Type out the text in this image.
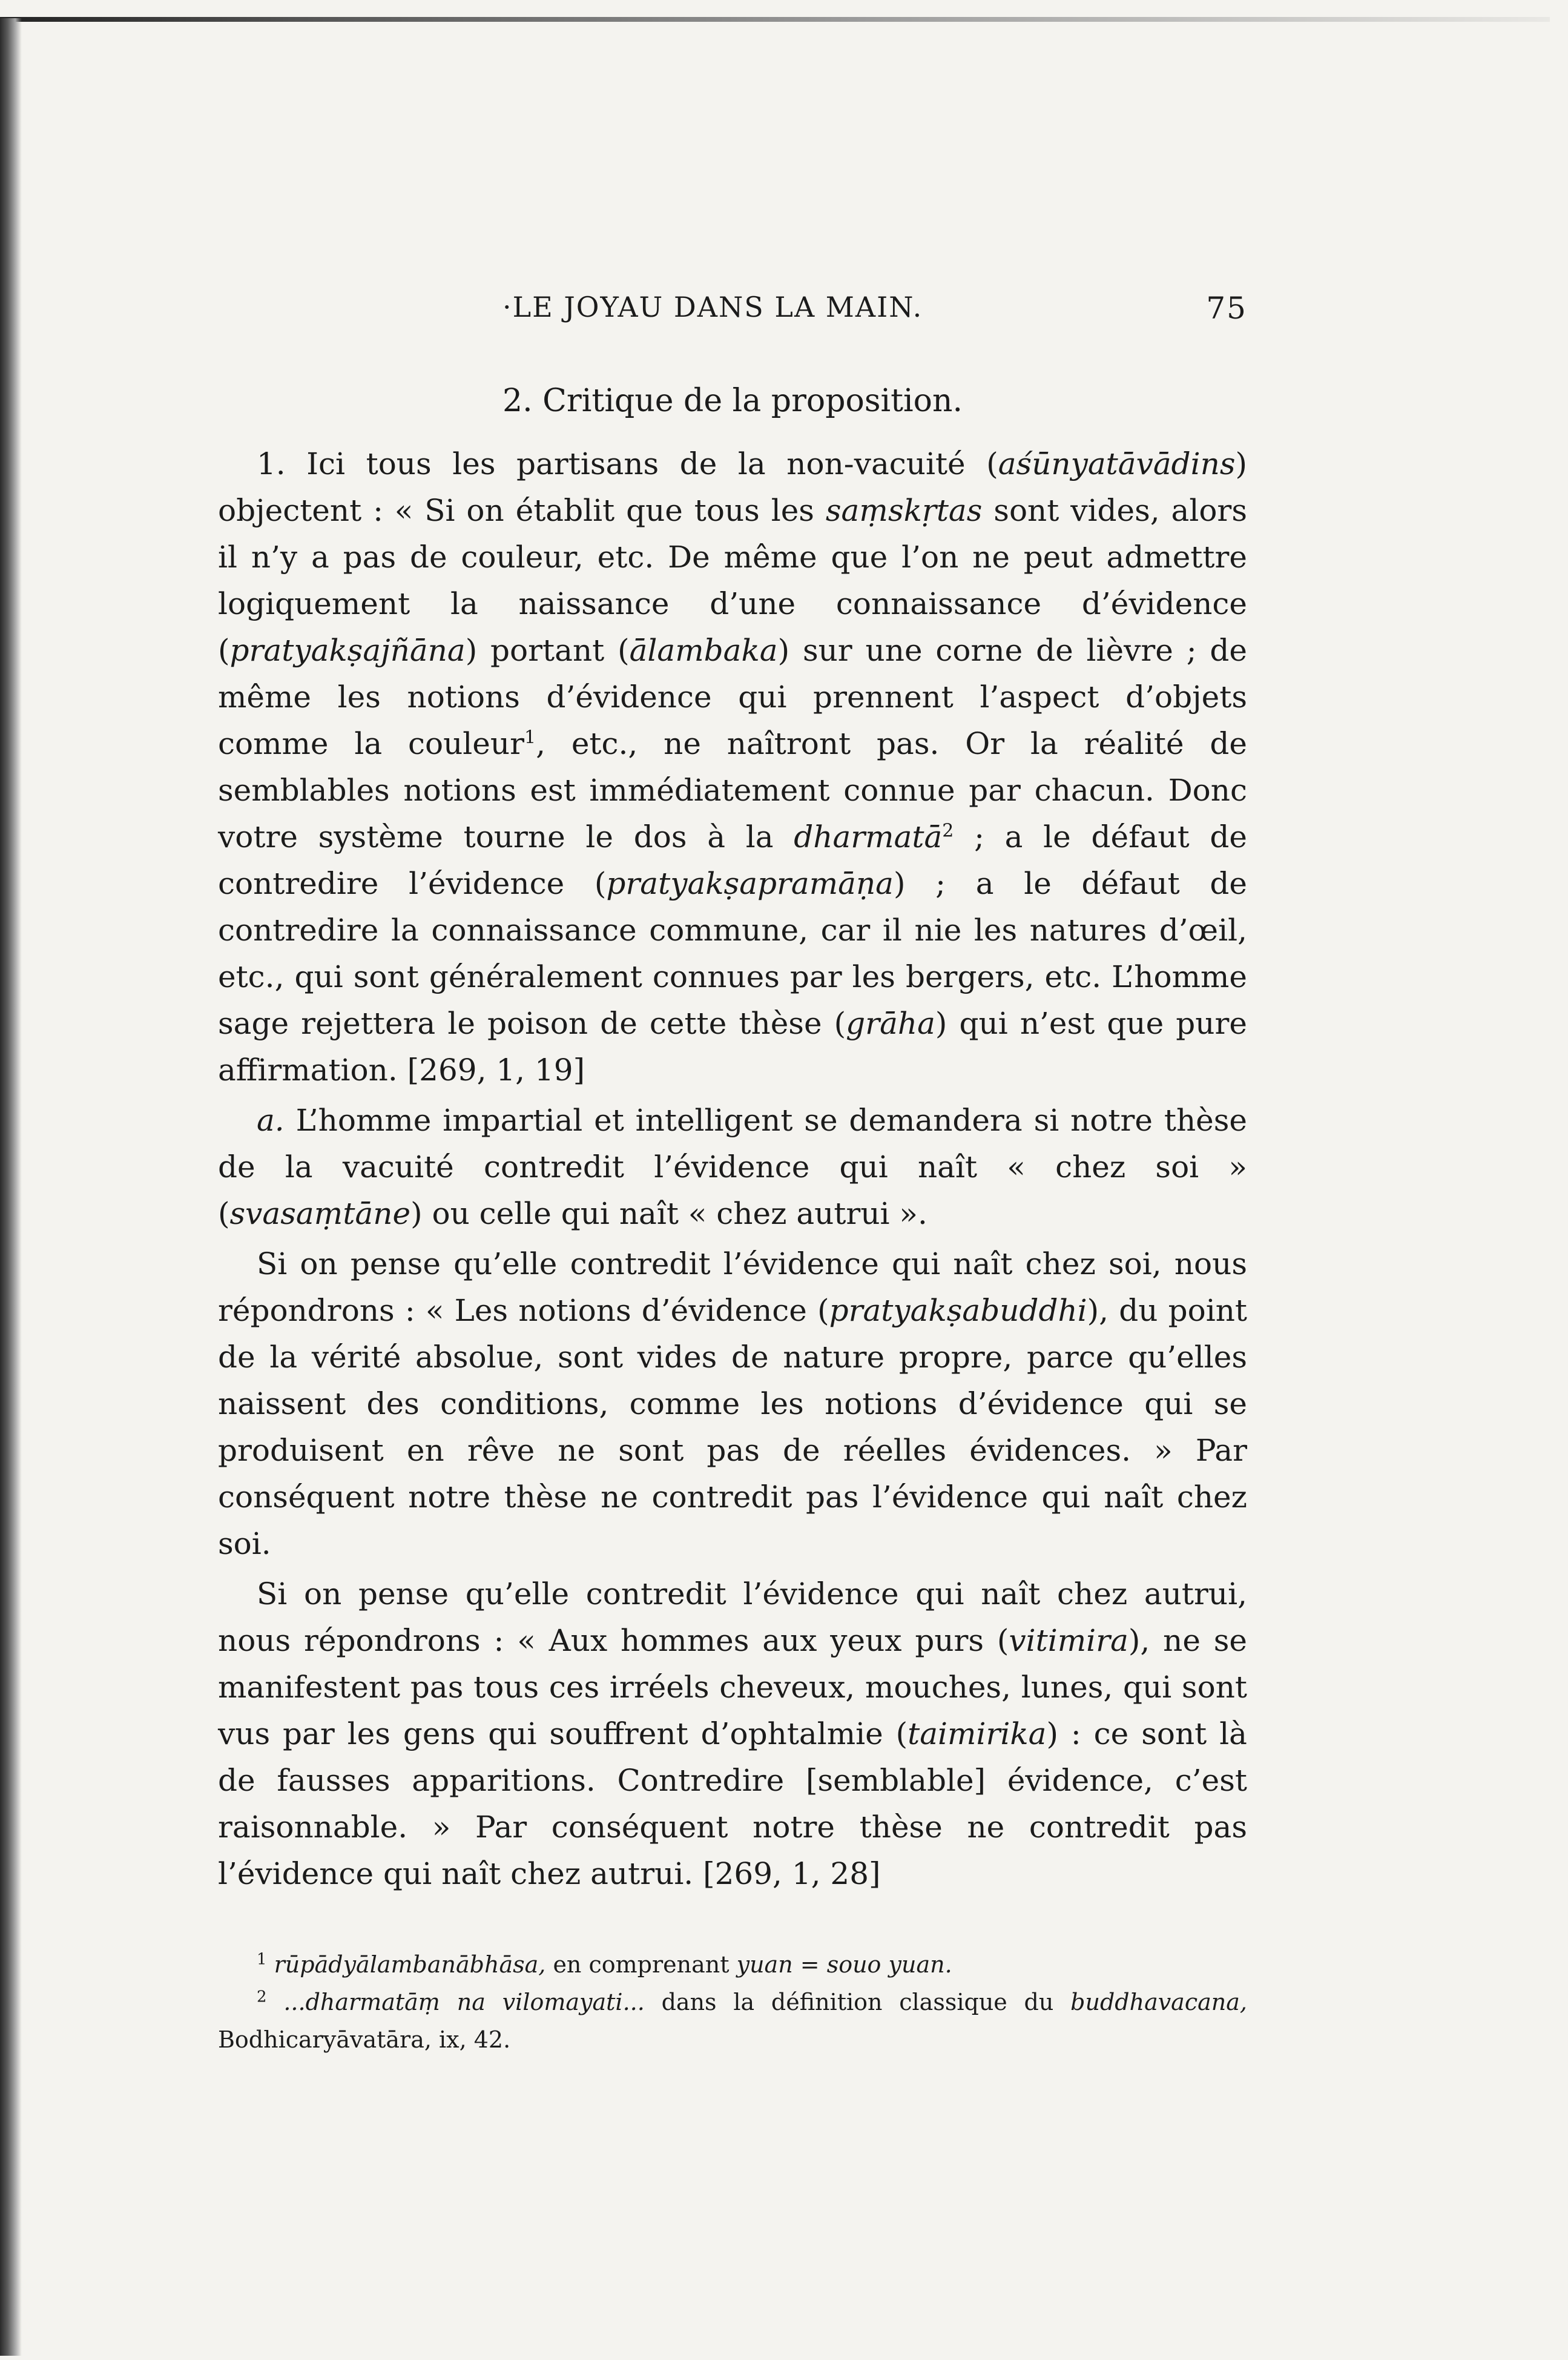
·LE JOYAU DANS LA MAIN.	75
2. Critique de la proposition.

1. Ici tous les partisans de la non-vacuité (aśūnyatāvādins) objectent : « Si on établit que tous les saṃskṛtas sont vides, alors il n’y a pas de couleur, etc. De même que l’on ne peut admettre logiquement la naissance d’une connaissance d’évidence (pratyakṣajñāna) portant (ālambaka) sur une corne de lièvre ; de même les notions d’évidence qui prennent l’aspect d’objets comme la couleur$^1$, etc., ne naîtront pas. Or la réalité de semblables notions est immédiatement connue par chacun. Donc votre système tourne le dos à la dharmatā$^2$ ; a le défaut de contredire l’évidence (pratyakṣapramāṇa) ; a le défaut de contredire la connaissance commune, car il nie les natures d’œil, etc., qui sont généralement connues par les bergers, etc. L’homme sage rejettera le poison de cette thèse (grāha) qui n’est que pure affirmation. [269, 1, 19]

a. L’homme impartial et intelligent se demandera si notre thèse de la vacuité contredit l’évidence qui naît « chez soi » (svasaṃtāne) ou celle qui naît « chez autrui ».

Si on pense qu’elle contredit l’évidence qui naît chez soi, nous répondrons : « Les notions d’évidence (pratyakṣabuddhi), du point de la vérité absolue, sont vides de nature propre, parce qu’elles naissent des conditions, comme les notions d’évidence qui se produisent en rêve ne sont pas de réelles évidences. » Par conséquent notre thèse ne contredit pas l’évidence qui naît chez soi.

Si on pense qu’elle contredit l’évidence qui naît chez autrui, nous répondrons : « Aux hommes aux yeux purs (vitimira), ne se manifestent pas tous ces irréels cheveux, mouches, lunes, qui sont vus par les gens qui souffrent d’ophtalmie (taimirika) : ce sont là de fausses apparitions. Contredire [semblable] évidence, c’est raisonnable. » Par conséquent notre thèse ne contredit pas l’évidence qui naît chez autrui. [269, 1, 28]

$^1$ rūpādyālambanābhāsa, en comprenant yuan = souo yuan.

$^2$ ...dharmatāṃ na vilomayati... dans la définition classique du buddhavacana, Bodhicaryāvatāra, ix, 42.
